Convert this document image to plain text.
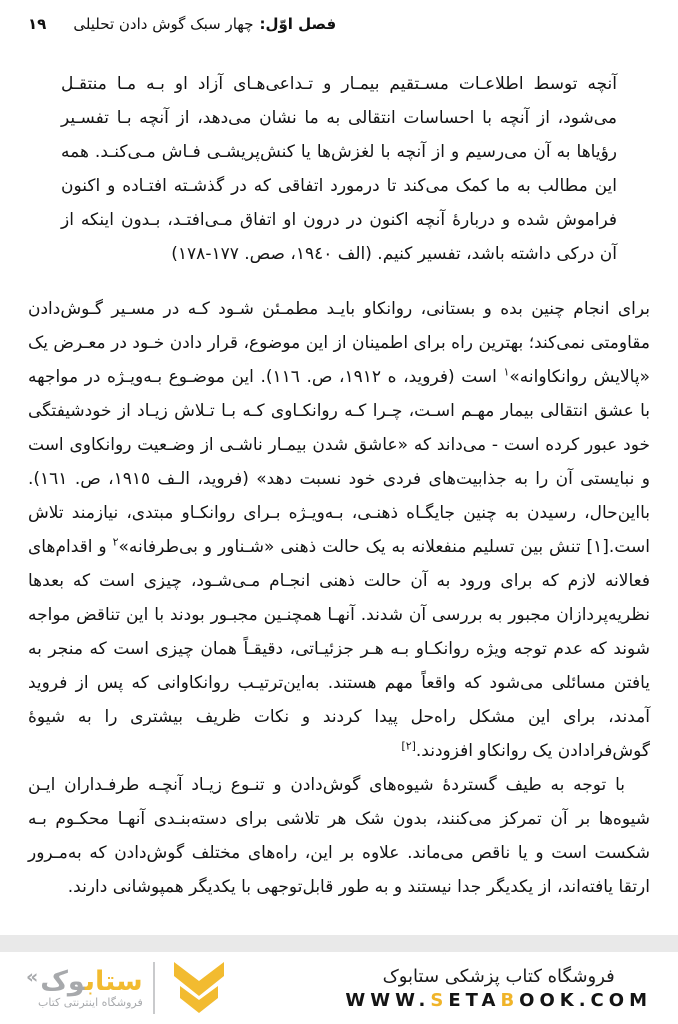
١٩	فصل اوّل:چهار سبک گوش دادن تحلیلی
آنچه توسط اطلاعـات مسـتقیم بیمـار و تـداعی‌هـای آزاد او بـه مـا منتقـل می‌شود، از آنچه با احساسات انتقالی به ما نشان می‌دهد، از آنچه بـا تفسـیر رؤیاها به آن می‌رسیم و از آنچه با لغزش‌ها یا کنش‌پریشـی فـاش مـی‌کنـد. همه این مطالب به ما کمک می‌کند تا درمورد اتفاقی که در گذشـته افتـاده و اکنون فراموش شده و دربارۀ آنچه اکنون در درون او اتفاق مـی‌افتـد، بـدون اینکه از آن درکی داشته باشد، تفسیر کنیم. (الف ١٩٤٠، صص. ١٧٧-١٧٨)

برای انجام چنین بده و بستانی، روانکاو بایـد مطمـئن شـود کـه در مسـیر گـوش‌دادن مقاومتی نمی‌کند؛ بهترین راه برای اطمینان از این موضوع، قرار دادن خـود در معـرض یک «پالایش روانکاوانه»$^١$ است (فروید، ه ١٩١٢، ص. ١١٦). این موضـوع بـه‌ویـژه در مواجهه با عشق انتقالی بیمار مهـم اسـت، چـرا کـه روانکـاوی کـه بـا تـلاش زیـاد از خودشیفتگی خود عبور کرده است - می‌داند که «عاشق شدن بیمـار ناشـی از وضـعیت روانکاوی است و نبایستی آن را به جذابیت‌های فردی خود نسبت دهد» (فروید، الـف ١٩١٥، ص. ١٦١). بااین‌حال، رسیدن به چنین جایگـاه ذهنـی، بـه‌ویـژه بـرای روانکـاو مبتدی، نیازمند تلاش است.[١] تنش بین تسلیم منفعلانه به یک حالت ذهنی «شـناور و بی‌طرفانه»$^٢$ و اقدام‌های فعالانه لازم که برای ورود به آن حالت ذهنی انجـام مـی‌شـود، چیزی است که بعدها نظریه‌پردازان مجبور به بررسی آن شدند. آنهـا همچنـین مجبـور بودند با این تناقض مواجه شوند که عدم توجه ویژه روانکـاو بـه هـر جزئیـاتی، دقیقـاً همان چیزی است که منجر به یافتن مسائلی می‌شود که واقعاً مهم هستند. به‌این‌ترتیـب روانکاوانی که پس از فروید آمدند، برای این مشکل راه‌حل پیدا کردند و نکات ظریف بیشتری را به شیوۀ گوش‌فرادادن یک روانکاو افزودند.[٢]

با توجه به طیف گستردۀ شیوه‌های گوش‌دادن و تنـوع زیـاد آنچـه طرفـداران ایـن شیوه‌ها بر آن تمرکز می‌کنند، بدون شک هر تلاشی برای دسته‌بنـدی آنهـا محکـوم بـه شکست است و یا ناقص می‌ماند. علاوه بر این، راه‌های مختلف گوش‌دادن که به‌مـرور ارتقا یافته‌اند، از یکدیگر جدا نیستند و به طور قابل‌توجهی با یکدیگر همپوشانی دارند.

فروشگاه کتاب پزشکی ستابوک
WWW.SETABOOK.COM
«	ستابوک
فروشگاه اینترنتی کتاب
